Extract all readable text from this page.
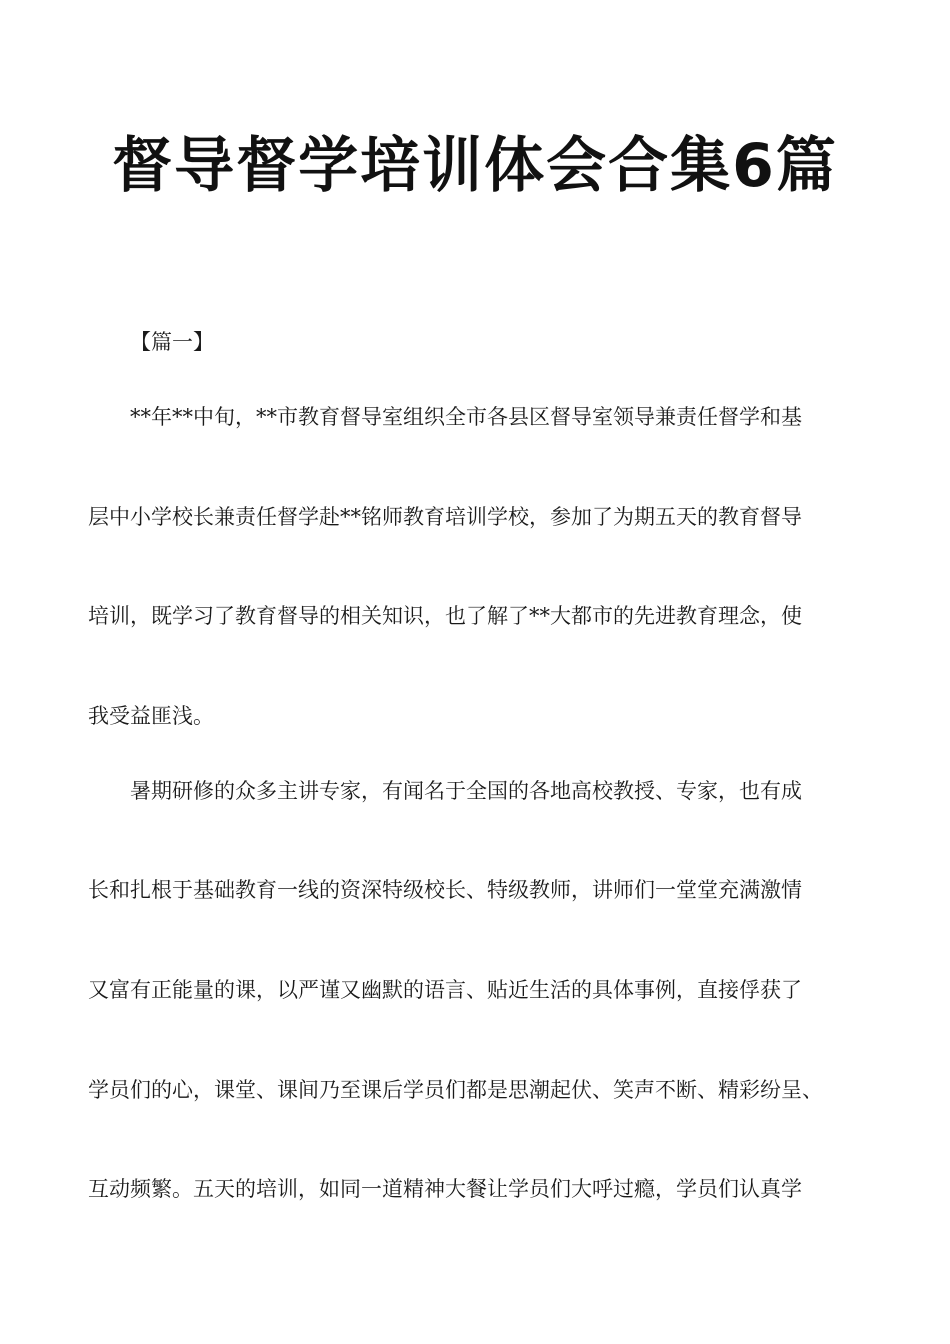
督导督学培训体会合集6篇
【篇一】
**年**中旬，**市教育督导室组织全市各县区督导室领导兼责任督学和基
层中小学校长兼责任督学赴**铭师教育培训学校，参加了为期五天的教育督导
培训，既学习了教育督导的相关知识，也了解了**大都市的先进教育理念，使
我受益匪浅。
暑期研修的众多主讲专家，有闻名于全国的各地高校教授、专家，也有成
长和扎根于基础教育一线的资深特级校长、特级教师，讲师们一堂堂充满激情
又富有正能量的课，以严谨又幽默的语言、贴近生活的具体事例，直接俘获了
学员们的心，课堂、课间乃至课后学员们都是思潮起伏、笑声不断、精彩纷呈、
互动频繁。五天的培训，如同一道精神大餐让学员们大呼过瘾，学员们认真学
